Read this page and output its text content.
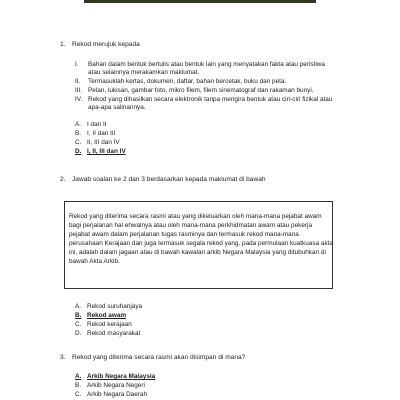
1. Rekod merujuk kepada
I. Bahan dalam bentuk bertulis atau bentuk lain yang menyatakan fakta atau peristiwa
atau selainnya merakamkan maklumat.
II. Termasuklah kertas, dokumen, daftar, bahan bercetak, buku dan peta.
III. Pelan, lukisan, gambar foto, mikro filem, filem sinematograf dan rakaman bunyi.
IV. Rekod yang dihasilkan secara elektronik tanpa mengira bentuk atau ciri-ciri fizikal atau
apa-apa salinannya.
A. I dan II
B. I, II dan III
C. II, III dan IV
D. I, II, III dan IV
2. Jawab soalan ke 2 dan 3 berdasarkan kepada maklumat di bawah
Rekod yang diterima secara rasmi atau yang dikeluarkan oleh mana-mana pejabat awam
bagi perjalanan hal ehwalnya atau oleh mana-mana perkhidmatan awam atau pekerja
pejabat awam dalam perjalanan tugas rasminya dan termasuk rekod mana-mana
perusahaan Kerajaan dan juga termasuk segala rekod yang, pada permulaan kuatkuasa akta
ini, adalah dalam jagaan atau di bawah kawalan arkib Negara Malaysia yang ditubuhkan di
bawah Akta Arkib.
A. Rekod suruhanjaya
B. Rekod awam
C. Rekod kerajaan
D. Rekod masyarakat
3. Rekod yang diterima secara rasmi akan disimpan di mana?
A. Arkib Negara Malaysia
B. Arkib Negara Negeri
C. Arkib Negara Daerah
